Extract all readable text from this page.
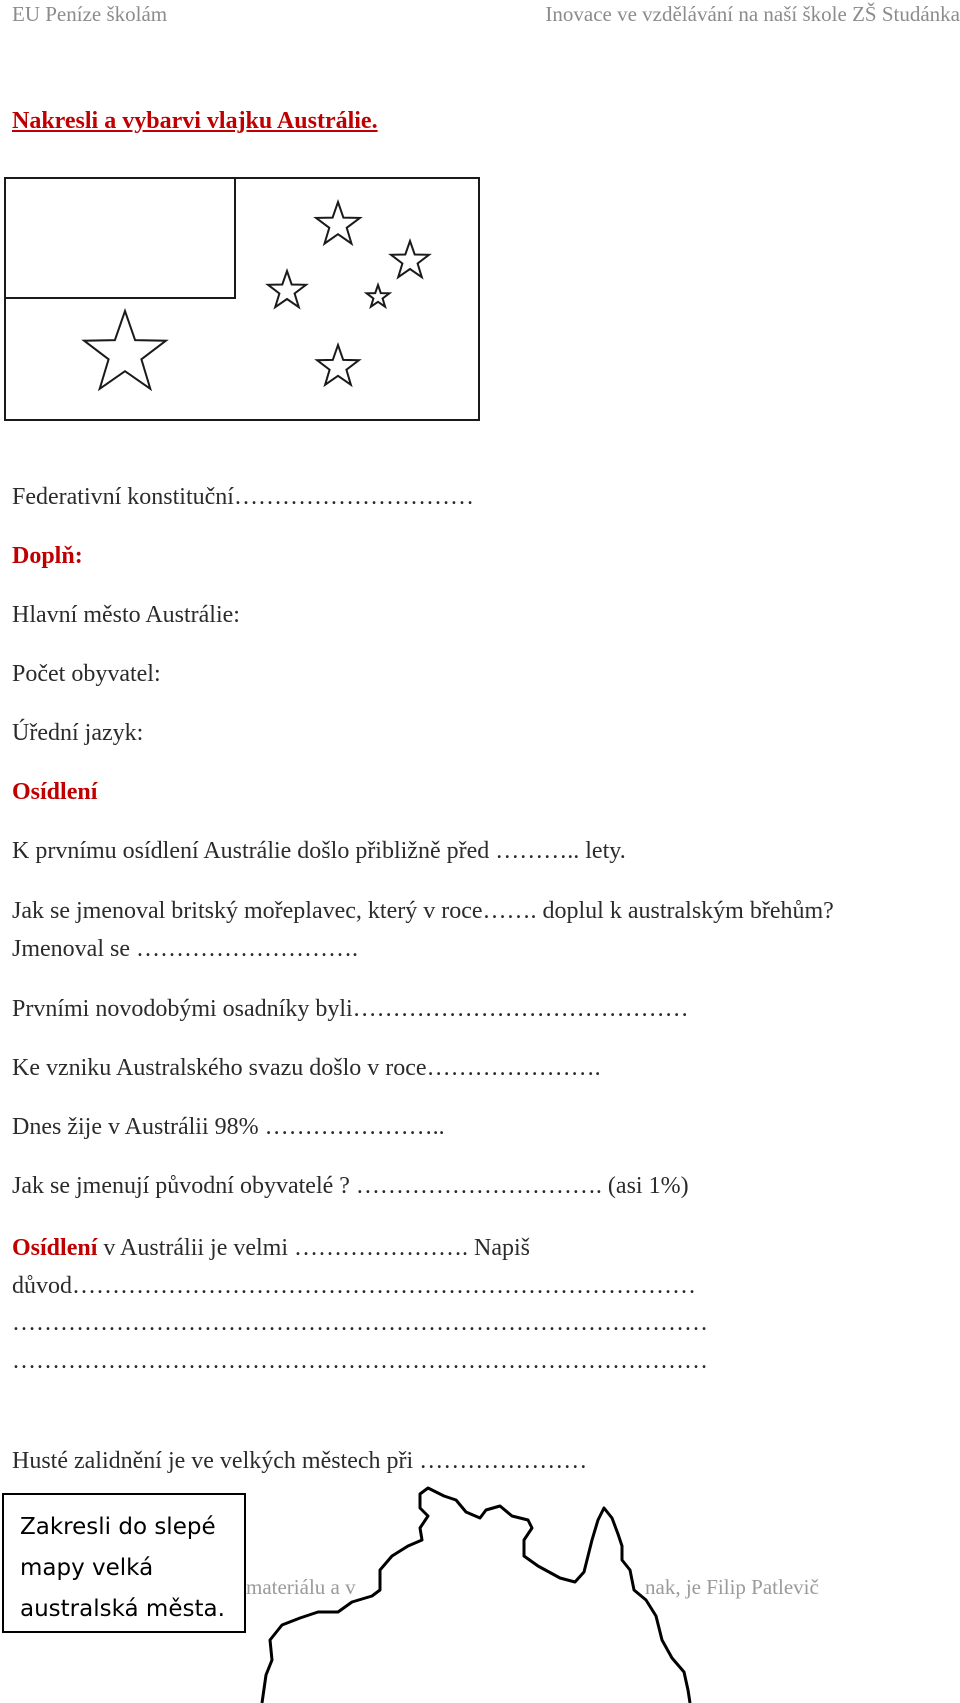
EU Peníze školám	Inovace ve vzdělávání na naší škole ZŠ Studánka
Nakresli a vybarvi vlajku Austrálie.
Federativní konstituční…………………………
Doplň:
Hlavní město Austrálie:
Počet obyvatel:
Úřední jazyk:
Osídlení
K prvnímu osídlení Austrálie došlo přibližně před ……….. lety.
Jak se jmenoval britský mořeplavec, který v roce……. doplul k australským břehům? Jmenoval se ……………………….
Prvními novodobými osadníky byli……………………………………
Ke vzniku Australského svazu došlo v roce………………….
Dnes žije v Austrálii 98% …………………..
Jak se jmenují původní obyvatelé ? …………………………. (asi 1%)
Osídlení v Austrálii je velmi …………………. Napiš důvod……………………………………………………………………
……………………………………………………………………………
……………………………………………………………………………
Husté zalidnění je ve velkých městech při …………………
materiálu a v	nak, je Filip Patlevič
Zakresli do slepé
mapy velká
australská města.
